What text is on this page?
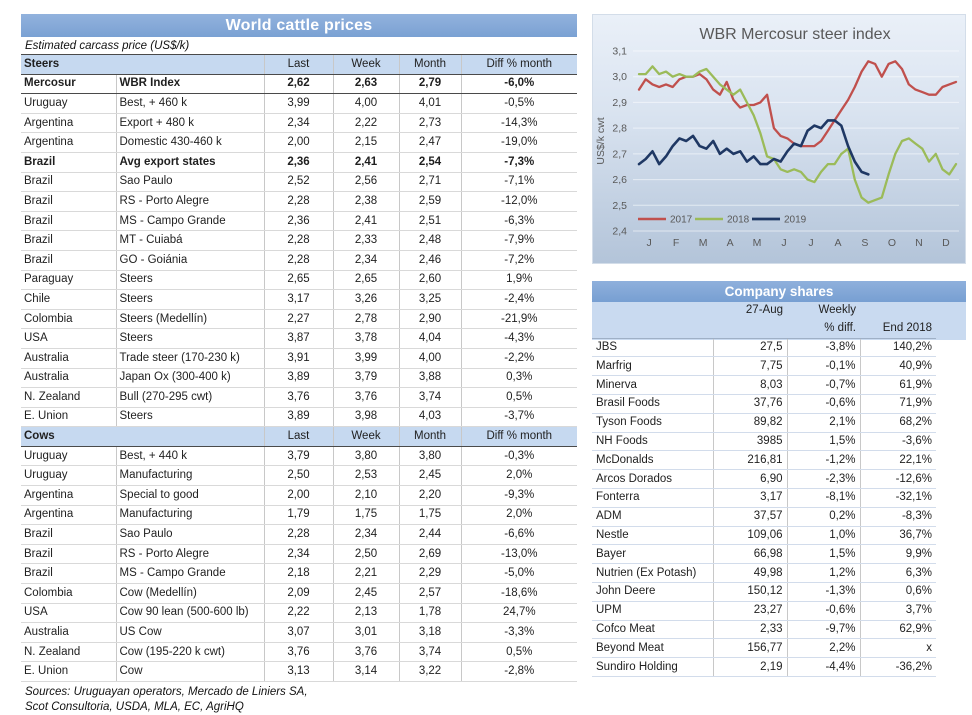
World cattle prices
Estimated carcass price (US$/k)
Steers		Last	Week	Month	Diff % month
Mercosur	WBR Index	2,62	2,63	2,79	-6,0%
Uruguay	Best, + 460 k	3,99	4,00	4,01	-0,5%
Argentina	Export + 480 k	2,34	2,22	2,73	-14,3%
Argentina	Domestic 430-460 k	2,00	2,15	2,47	-19,0%
Brazil	Avg export states	2,36	2,41	2,54	-7,3%
Brazil	Sao Paulo	2,52	2,56	2,71	-7,1%
Brazil	RS - Porto Alegre	2,28	2,38	2,59	-12,0%
Brazil	MS - Campo Grande	2,36	2,41	2,51	-6,3%
Brazil	MT - Cuiabá	2,28	2,33	2,48	-7,9%
Brazil	GO - Goiánia	2,28	2,34	2,46	-7,2%
Paraguay	Steers	2,65	2,65	2,60	1,9%
Chile	Steers	3,17	3,26	3,25	-2,4%
Colombia	Steers (Medellín)	2,27	2,78	2,90	-21,9%
USA	Steers	3,87	3,78	4,04	-4,3%
Australia	Trade steer (170-230 k)	3,91	3,99	4,00	-2,2%
Australia	Japan Ox (300-400 k)	3,89	3,79	3,88	0,3%
N. Zealand	Bull (270-295 cwt)	3,76	3,76	3,74	0,5%
E. Union	Steers	3,89	3,98	4,03	-3,7%
Cows		Last	Week	Month	Diff % month
Uruguay	Best, + 440 k	3,79	3,80	3,80	-0,3%
Uruguay	Manufacturing	2,50	2,53	2,45	2,0%
Argentina	Special to good	2,00	2,10	2,20	-9,3%
Argentina	Manufacturing	1,79	1,75	1,75	2,0%
Brazil	Sao Paulo	2,28	2,34	2,44	-6,6%
Brazil	RS - Porto Alegre	2,34	2,50	2,69	-13,0%
Brazil	MS - Campo Grande	2,18	2,21	2,29	-5,0%
Colombia	Cow (Medellín)	2,09	2,45	2,57	-18,6%
USA	Cow 90 lean (500-600 lb)	2,22	2,13	1,78	24,7%
Australia	US Cow	3,07	3,01	3,18	-3,3%
N. Zealand	Cow (195-220 k cwt)	3,76	3,76	3,74	0,5%
E. Union	Cow	3,13	3,14	3,22	-2,8%
Sources: Uruguayan operators, Mercado de Liniers SA,
Scot Consultoria, USDA, MLA, EC, AgriHQ
3,1
3,0
2,9
2,8
2,7
2,6
2,5
2,4
US$/k cwt
WBR Mercosur steer index
J F M A M J J A S O N D
2017	2018	2019
Company shares
	27-Aug	Weekly	
		% diff.	End 2018
JBS	27,5	-3,8%	140,2%
Marfrig	7,75	-0,1%	40,9%
Minerva	8,03	-0,7%	61,9%
Brasil Foods	37,76	-0,6%	71,9%
Tyson Foods	89,82	2,1%	68,2%
NH Foods	3985	1,5%	-3,6%
McDonalds	216,81	-1,2%	22,1%
Arcos Dorados	6,90	-2,3%	-12,6%
Fonterra	3,17	-8,1%	-32,1%
ADM	37,57	0,2%	-8,3%
Nestle	109,06	1,0%	36,7%
Bayer	66,98	1,5%	9,9%
Nutrien (Ex Potash)	49,98	1,2%	6,3%
John Deere	150,12	-1,3%	0,6%
UPM	23,27	-0,6%	3,7%
Cofco Meat	2,33	-9,7%	62,9%
Beyond Meat	156,77	2,2%	x
Sundiro Holding	2,19	-4,4%	-36,2%
